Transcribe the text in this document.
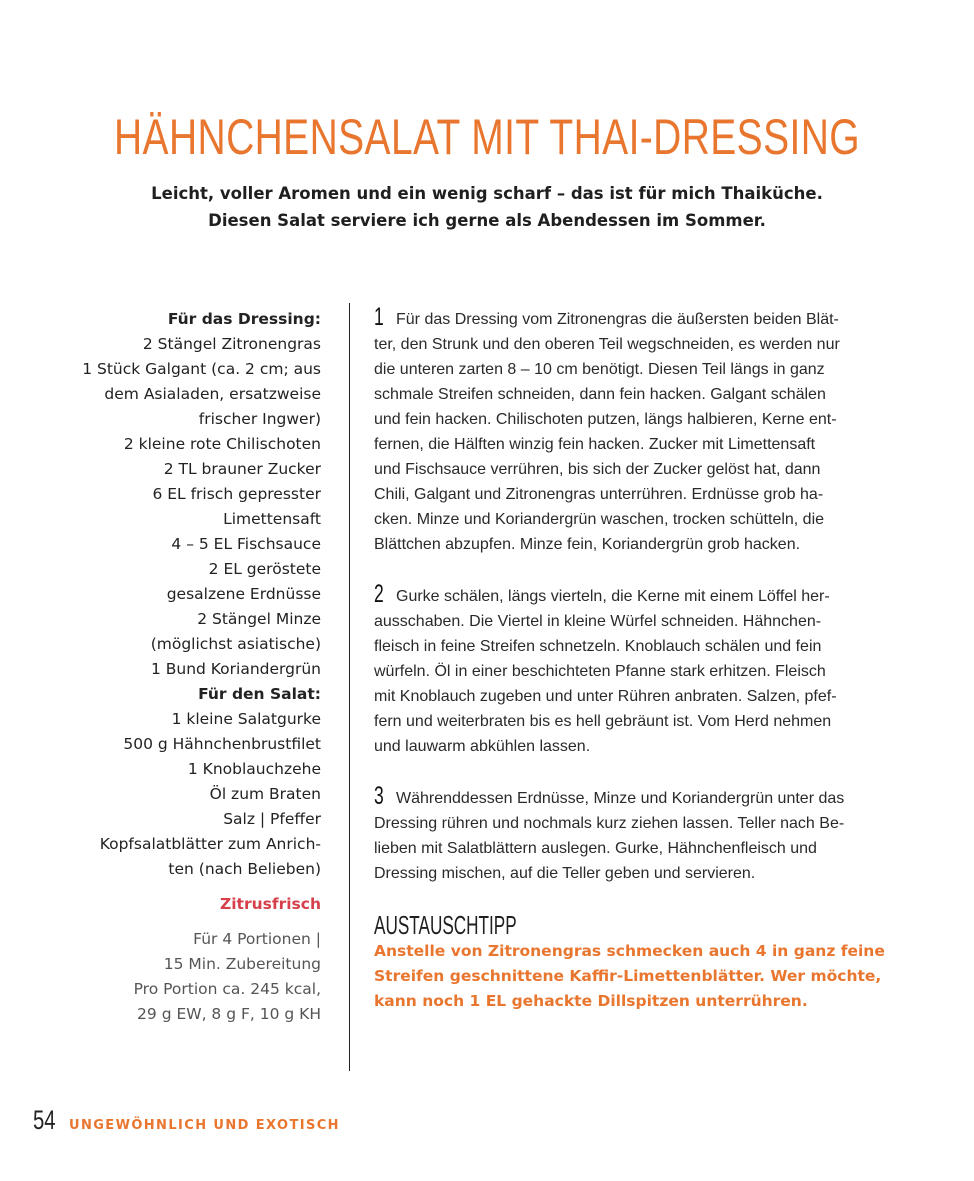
HÄHNCHENSALAT MIT THAI-DRESSING
Leicht, voller Aromen und ein wenig scharf – das ist für mich Thaiküche.
Diesen Salat serviere ich gerne als Abendessen im Sommer.
Für das Dressing:
2 Stängel Zitronengras
1 Stück Galgant (ca. 2 cm; aus
dem Asialaden, ersatzweise
frischer Ingwer)
2 kleine rote Chilischoten
2 TL brauner Zucker
6 EL frisch gepresster
Limettensaft
4 – 5 EL Fischsauce
2 EL geröstete
gesalzene Erdnüsse
2 Stängel Minze
(möglichst asiatische)
1 Bund Koriandergrün
Für den Salat:
1 kleine Salatgurke
500 g Hähnchenbrustfilet
1 Knoblauchzehe
Öl zum Braten
Salz | Pfeffer
Kopfsalatblätter zum Anrich-
ten (nach Belieben)
Zitrusfrisch
Für 4 Portionen |
15 Min. Zubereitung
Pro Portion ca. 245 kcal,
29 g EW, 8 g F, 10 g KH
1 Für das Dressing vom Zitronengras die äußersten beiden Blät-
ter, den Strunk und den oberen Teil wegschneiden, es werden nur
die unteren zarten 8 – 10 cm benötigt. Diesen Teil längs in ganz
schmale Streifen schneiden, dann fein hacken. Galgant schälen
und fein hacken. Chilischoten putzen, längs halbieren, Kerne ent-
fernen, die Hälften winzig fein hacken. Zucker mit Limettensaft
und Fischsauce verrühren, bis sich der Zucker gelöst hat, dann
Chili, Galgant und Zitronengras unterrühren. Erdnüsse grob ha-
cken. Minze und Koriandergrün waschen, trocken schütteln, die
Blättchen abzupfen. Minze fein, Koriandergrün grob hacken.
2 Gurke schälen, längs vierteln, die Kerne mit einem Löffel her-
ausschaben. Die Viertel in kleine Würfel schneiden. Hähnchen-
fleisch in feine Streifen schnetzeln. Knoblauch schälen und fein
würfeln. Öl in einer beschichteten Pfanne stark erhitzen. Fleisch
mit Knoblauch zugeben und unter Rühren anbraten. Salzen, pfef-
fern und weiterbraten bis es hell gebräunt ist. Vom Herd nehmen
und lauwarm abkühlen lassen.
3 Währenddessen Erdnüsse, Minze und Koriandergrün unter das
Dressing rühren und nochmals kurz ziehen lassen. Teller nach Be-
lieben mit Salatblättern auslegen. Gurke, Hähnchenfleisch und
Dressing mischen, auf die Teller geben und servieren.
AUSTAUSCHTIPP
Anstelle von Zitronengras schmecken auch 4 in ganz feine
Streifen geschnittene Kaffir-Limettenblätter. Wer möchte,
kann noch 1 EL gehackte Dillspitzen unterrühren.
54 UNGEWÖHNLICH UND EXOTISCH
